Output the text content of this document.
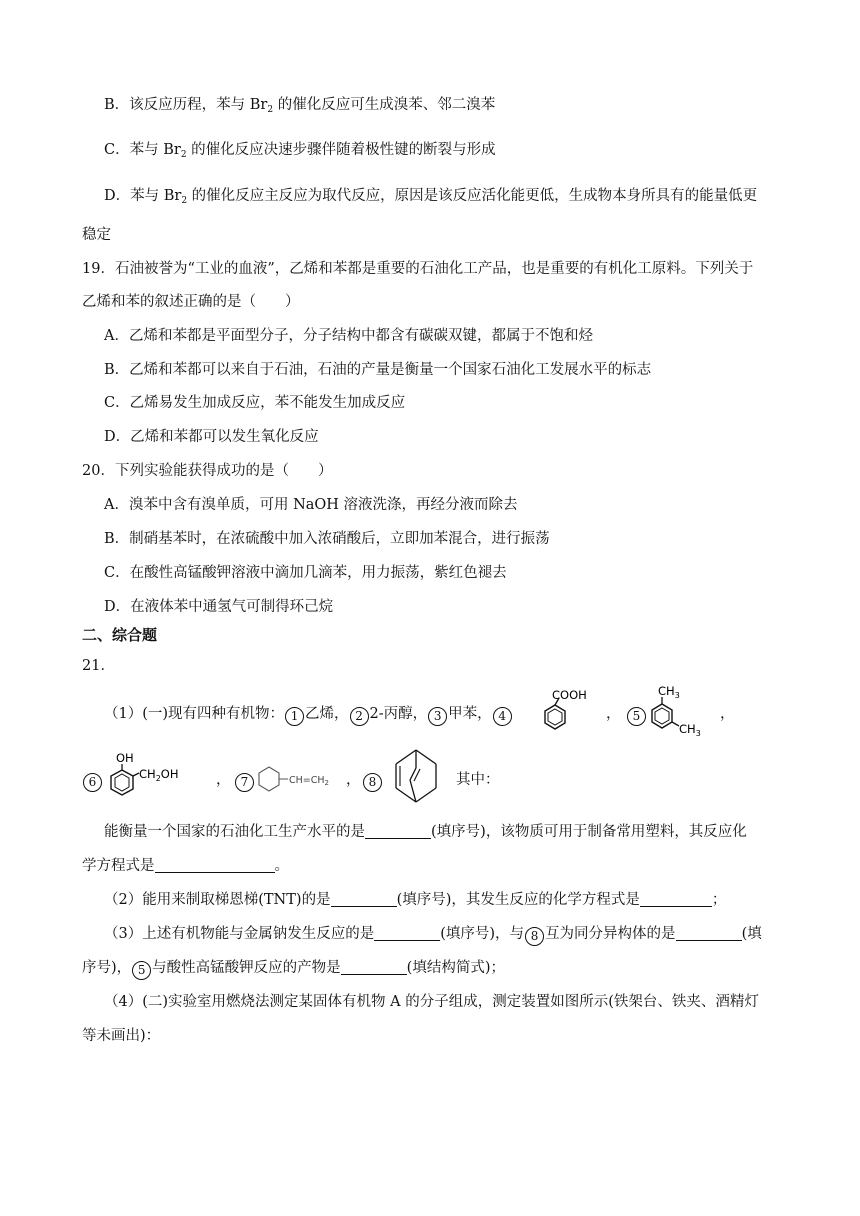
B．该反应历程，苯与 $Br_2$ 的催化反应可生成溴苯、邻二溴苯
C．苯与 $Br_2$ 的催化反应决速步骤伴随着极性键的断裂与形成
D．苯与 $Br_2$ 的催化反应主反应为取代反应，原因是该反应活化能更低，生成物本身所具有的能量低更
稳定
19．石油被誉为“工业的血液”，乙烯和苯都是重要的石油化工产品，也是重要的有机化工原料。下列关于
乙烯和苯的叙述正确的是（　　）
A．乙烯和苯都是平面型分子，分子结构中都含有碳碳双键，都属于不饱和烃
B．乙烯和苯都可以来自于石油，石油的产量是衡量一个国家石油化工发展水平的标志
C．乙烯易发生加成反应，苯不能发生加成反应
D．乙烯和苯都可以发生氧化反应
20．下列实验能获得成功的是（　　）
A．溴苯中含有溴单质，可用 NaOH 溶液洗涤，再经分液而除去
B．制硝基苯时，在浓硫酸中加入浓硝酸后，立即加苯混合，进行振荡
C．在酸性高锰酸钾溶液中滴加几滴苯，用力振荡，紫红色褪去
D．在液体苯中通氢气可制得环己烷
二、综合题
21．
（1）(一)现有四种有机物： 1 乙烯， 2 2-丙醇， 3 甲苯， 4
COOH
，	5
$CH_3$
$CH_3$
，
6
OH
$CH_2OH$	， 7	$CH=CH_2$ ， 8	其中：
能衡量一个国家的石油化工生产水平的是	(填序号)，该物质可用于制备常用塑料，其反应化
学方程式是	。
（2）能用来制取梯恩梯(TNT)的是	(填序号)，其发生反应的化学方程式是	；
（3）上述有机物能与金属钠发生反应的是	(填序号)，与 8 互为同分异构体的是	(填
序号)， 5 与酸性高锰酸钾反应的产物是	(填结构简式)；
（4）(二)实验室用燃烧法测定某固体有机物 A 的分子组成，测定装置如图所示(铁架台、铁夹、酒精灯
等未画出)：
